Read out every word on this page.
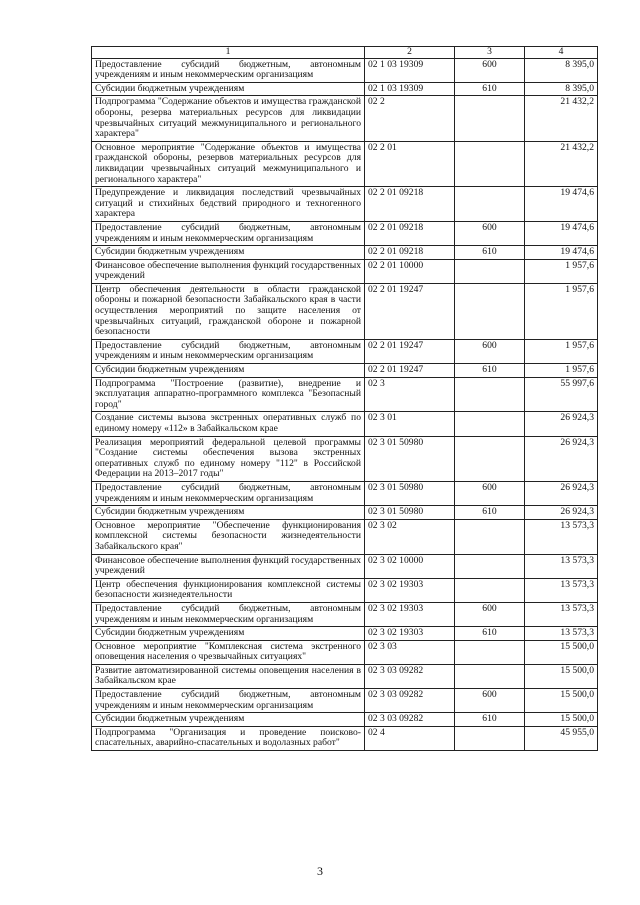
1	2	3	4
Предоставление субсидий бюджетным, автономным учреждениям и иным некоммерческим организациям	02 1 03 19309	600	8 395,0
Субсидии бюджетным учреждениям	02 1 03 19309	610	8 395,0
Подпрограмма "Содержание объектов и имущества гражданской обороны, резерва материальных ресурсов для ликвидации чрезвычайных ситуаций межмуниципального и регионального характера"	02 2		21 432,2
Основное мероприятие "Содержание объектов и имущества гражданской обороны, резервов материальных ресурсов для ликвидации чрезвычайных ситуаций межмуниципального и регионального характера"	02 2 01		21 432,2
Предупреждение и ликвидация последствий чрезвычайных ситуаций и стихийных бедствий природного и техногенного характера	02 2 01 09218		19 474,6
Предоставление субсидий бюджетным, автономным учреждениям и иным некоммерческим организациям	02 2 01 09218	600	19 474,6
Субсидии бюджетным учреждениям	02 2 01 09218	610	19 474,6
Финансовое обеспечение выполнения функций государственных учреждений	02 2 01 10000		1 957,6
Центр обеспечения деятельности в области гражданской обороны и пожарной безопасности Забайкальского края в части осуществления мероприятий по защите населения от чрезвычайных ситуаций, гражданской обороне и пожарной безопасности	02 2 01 19247		1 957,6
Предоставление субсидий бюджетным, автономным учреждениям и иным некоммерческим организациям	02 2 01 19247	600	1 957,6
Субсидии бюджетным учреждениям	02 2 01 19247	610	1 957,6
Подпрограмма "Построение (развитие), внедрение и эксплуатация аппаратно-программного комплекса "Безопасный город"	02 3		55 997,6
Создание системы вызова экстренных оперативных служб по единому номеру «112» в Забайкальском крае	02 3 01		26 924,3
Реализация мероприятий федеральной целевой программы "Создание системы обеспечения вызова экстренных оперативных служб по единому номеру "112" в Российской Федерации на 2013–2017 годы"	02 3 01 50980		26 924,3
Предоставление субсидий бюджетным, автономным учреждениям и иным некоммерческим организациям	02 3 01 50980	600	26 924,3
Субсидии бюджетным учреждениям	02 3 01 50980	610	26 924,3
Основное мероприятие "Обеспечение функционирования комплексной системы безопасности жизнедеятельности Забайкальского края"	02 3 02		13 573,3
Финансовое обеспечение выполнения функций государственных учреждений	02 3 02 10000		13 573,3
Центр обеспечения функционирования комплексной системы безопасности жизнедеятельности	02 3 02 19303		13 573,3
Предоставление субсидий бюджетным, автономным учреждениям и иным некоммерческим организациям	02 3 02 19303	600	13 573,3
Субсидии бюджетным учреждениям	02 3 02 19303	610	13 573,3
Основное мероприятие "Комплексная система экстренного оповещения населения о чрезвычайных ситуациях"	02 3 03		15 500,0
Развитие автоматизированной системы оповещения населения в Забайкальском крае	02 3 03 09282		15 500,0
Предоставление субсидий бюджетным, автономным учреждениям и иным некоммерческим организациям	02 3 03 09282	600	15 500,0
Субсидии бюджетным учреждениям	02 3 03 09282	610	15 500,0
Подпрограмма "Организация и проведение поисково-спасательных, аварийно-спасательных и водолазных работ"	02 4		45 955,0
3
